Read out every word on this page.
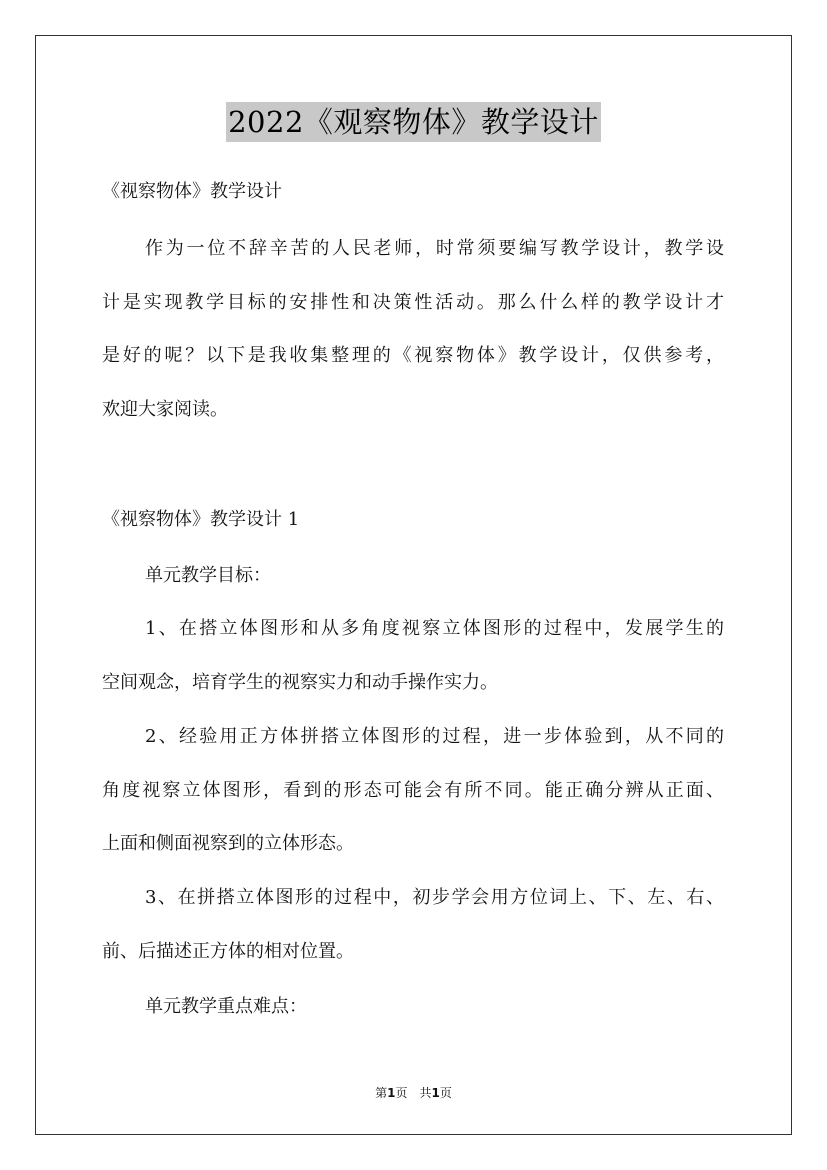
2022《观察物体》教学设计
《视察物体》教学设计
作为一位不辞辛苦的人民老师，时常须要编写教学设计，教学设
计是实现教学目标的安排性和决策性活动。那么什么样的教学设计才
是好的呢？以下是我收集整理的《视察物体》教学设计，仅供参考，
欢迎大家阅读。
《视察物体》教学设计 1
单元教学目标：
1、在搭立体图形和从多角度视察立体图形的过程中，发展学生的
空间观念，培育学生的视察实力和动手操作实力。
2、经验用正方体拼搭立体图形的过程，进一步体验到，从不同的
角度视察立体图形，看到的形态可能会有所不同。能正确分辨从正面、
上面和侧面视察到的立体形态。
3、在拼搭立体图形的过程中，初步学会用方位词上、下、左、右、
前、后描述正方体的相对位置。
单元教学重点难点：
第1页　共1页
